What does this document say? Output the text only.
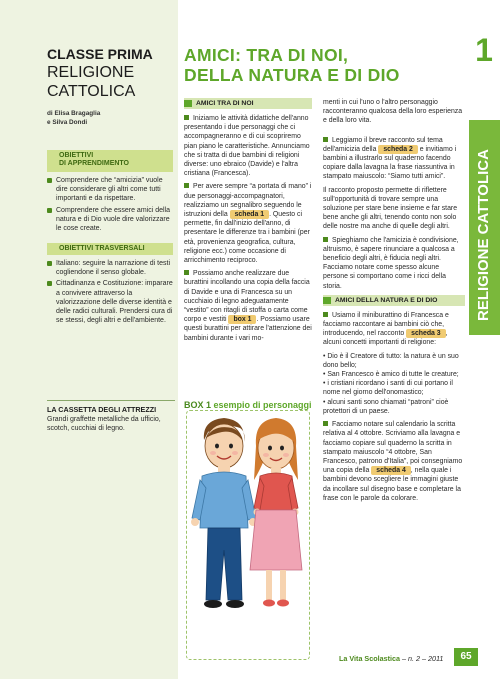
CLASSE PRIMA
RELIGIONE
CATTOLICA
di Elisa Bragaglia
e Silva Dondi
OBIETTIVI
DI APPRENDIMENTO
Comprendere che “amicizia” vuole dire considerare gli altri come tutti importanti e da rispettare.
Comprendere che essere amici della natura e di Dio vuole dire valorizzare le cose create.
OBIETTIVI TRASVERSALI
Italiano: seguire la narrazione di testi cogliendone il senso globale.
Cittadinanza e Costituzione: imparare a convivere attraverso la valorizzazione delle diverse identità e delle radici culturali. Prendersi cura di se stessi, degli altri e dell'ambiente.
LA CASSETTA DEGLI ATTREZZI
Grandi graffette metalliche da ufficio, scotch, cucchiai di legno.
AMICI: TRA DI NOI,
DELLA NATURA E DI DIO
1
RELIGIONE CATTOLICA
AMICI TRA DI NOI
Iniziamo le attività didattiche dell'anno presentando i due personaggi che ci accompagneranno e di cui scopriremo pian piano le caratteristiche. Annunciamo che si tratta di due bambini di religioni diverse: uno ebraico (Davide) e l'altra cristiana (Francesca).
Per avere sempre “a portata di mano” i due personaggi-accompagnatori, realizziamo un segnalibro seguendo le istruzioni della scheda 1 . Questo ci permette, fin dall'inizio dell'anno, di presentare le differenze tra i bambini (per età, provenienza geografica, cultura, religione ecc.) come occasione di arricchimento reciproco.
Possiamo anche realizzare due burattini incollando una copia della faccia di Davide e una di Francesca su un cucchiaio di legno adeguatamente “vestito” con ritagli di stoffa o carta come corpo e vestiti box 1 . Possiamo usare questi burattini per attirare l'attenzione dei bambini durante i vari mo-
menti in cui l'uno o l'altro personaggio racconteranno qualcosa della loro esperienza e della loro vita.
Leggiamo il breve racconto sul tema dell'amicizia della scheda 2 e invitiamo i bambini a illustrarlo sul quaderno facendo copiare dalla lavagna la frase riassuntiva in stampato maiuscolo: “Siamo tutti amici”.
Il racconto proposto permette di riflettere sull'opportunità di trovare sempre una soluzione per stare bene insieme e far stare bene anche gli altri, tenendo conto non solo delle nostre ma anche di quelle degli altri.
Spieghiamo che l'amicizia è condivisione, altruismo, è sapere rinunciare a qualcosa a beneficio degli altri, è fiducia negli altri. Facciamo notare come spesso alcune persone si comportano come i ricci della storia.
AMICI DELLA NATURA E DI DIO
Usiamo il miniburattino di Francesca e facciamo raccontare ai bambini ciò che, introducendo, nel racconto scheda 3 , alcuni concetti importanti di religione:
• Dio è il Creatore di tutto: la natura è un suo dono bello;
• San Francesco è amico di tutte le creature;
• i cristiani ricordano i santi di cui portano il nome nel giorno dell'onomastico;
• alcuni santi sono chiamati “patroni” cioè protettori di un paese.
Facciamo notare sul calendario la scritta relativa al 4 ottobre. Scriviamo alla lavagna e facciamo copiare sul quaderno la scritta in stampato maiuscolo “4 ottobre, San Francesco, patrono d'Italia”, poi consegniamo una copia della scheda 4 , nella quale i bambini devono scegliere le immagini giuste da incollare sul disegno base e completare la frase con le parole da colorare.
BOX 1 esempio di personaggi
La Vita Scolastica – n. 2 – 2011	65
